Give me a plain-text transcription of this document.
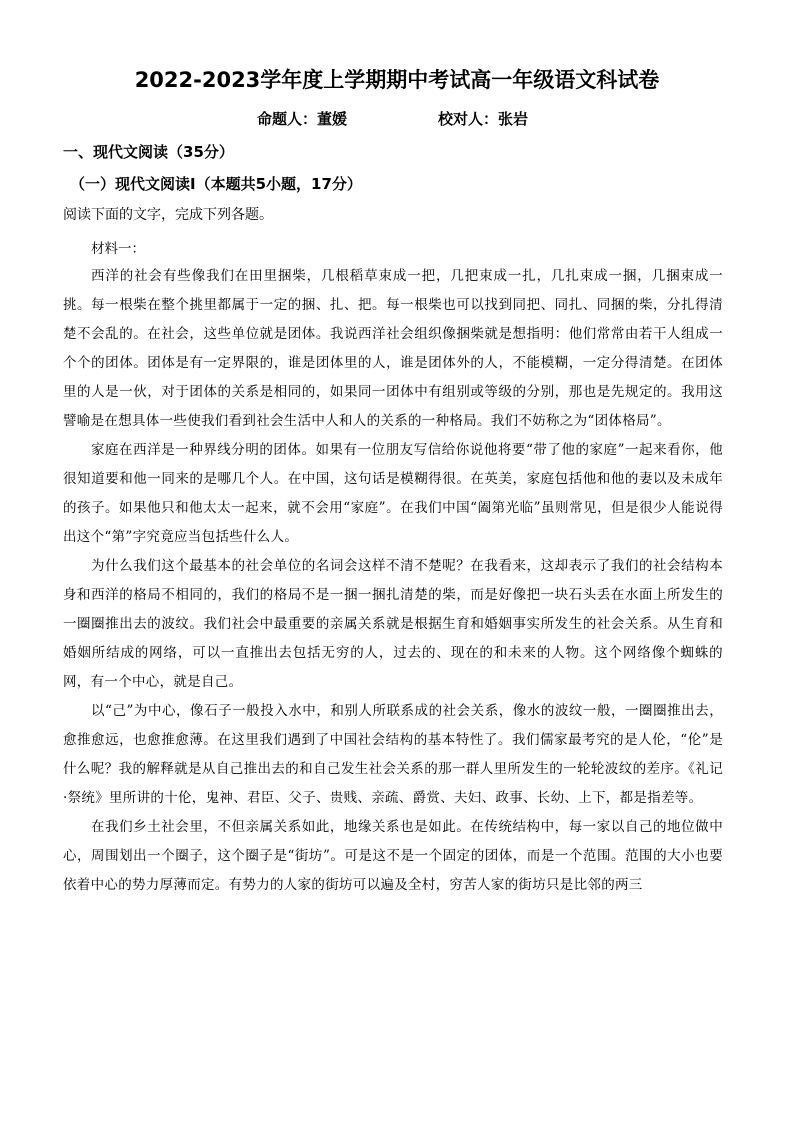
2022-2023学年度上学期期中考试高一年级语文科试卷
命题人：董媛	校对人：张岩
一、现代文阅读（35分）
（一）现代文阅读Ⅰ（本题共5小题，17分）
阅读下面的文字，完成下列各题。
材料一：

西洋的社会有些像我们在田里捆柴，几根稻草束成一把，几把束成一扎，几扎束成一捆，几捆束成一挑。每一根柴在整个挑里都属于一定的捆、扎、把。每一根柴也可以找到同把、同扎、同捆的柴，分扎得清楚不会乱的。在社会，这些单位就是团体。我说西洋社会组织像捆柴就是想指明：他们常常由若干人组成一个个的团体。团体是有一定界限的，谁是团体里的人，谁是团体外的人，不能模糊，一定分得清楚。在团体里的人是一伙，对于团体的关系是相同的，如果同一团体中有组别或等级的分别，那也是先规定的。我用这譬喻是在想具体一些使我们看到社会生活中人和人的关系的一种格局。我们不妨称之为“团体格局”。

家庭在西洋是一种界线分明的团体。如果有一位朋友写信给你说他将要“带了他的家庭”一起来看你，他很知道要和他一同来的是哪几个人。在中国，这句话是模糊得很。在英美，家庭包括他和他的妻以及未成年的孩子。如果他只和他太太一起来，就不会用“家庭”。在我们中国“阖第光临”虽则常见，但是很少人能说得出这个“第”字究竟应当包括些什么人。

为什么我们这个最基本的社会单位的名词会这样不清不楚呢？在我看来，这却表示了我们的社会结构本身和西洋的格局不相同的，我们的格局不是一捆一捆扎清楚的柴，而是好像把一块石头丢在水面上所发生的一圈圈推出去的波纹。我们社会中最重要的亲属关系就是根据生育和婚姻事实所发生的社会关系。从生育和婚姻所结成的网络，可以一直推出去包括无穷的人，过去的、现在的和未来的人物。这个网络像个蜘蛛的网，有一个中心，就是自己。

以“己”为中心，像石子一般投入水中，和别人所联系成的社会关系，像水的波纹一般，一圈圈推出去，愈推愈远，也愈推愈薄。在这里我们遇到了中国社会结构的基本特性了。我们儒家最考究的是人伦，“伦”是什么呢？我的解释就是从自己推出去的和自己发生社会关系的那一群人里所发生的一轮轮波纹的差序。《礼记·祭统》里所讲的十伦，鬼神、君臣、父子、贵贱、亲疏、爵赏、夫妇、政事、长幼、上下，都是指差等。

在我们乡土社会里，不但亲属关系如此，地缘关系也是如此。在传统结构中，每一家以自己的地位做中心，周围划出一个圈子，这个圈子是“街坊”。可是这不是一个固定的团体，而是一个范围。范围的大小也要依着中心的势力厚薄而定。有势力的人家的街坊可以遍及全村，穷苦人家的街坊只是比邻的两三
